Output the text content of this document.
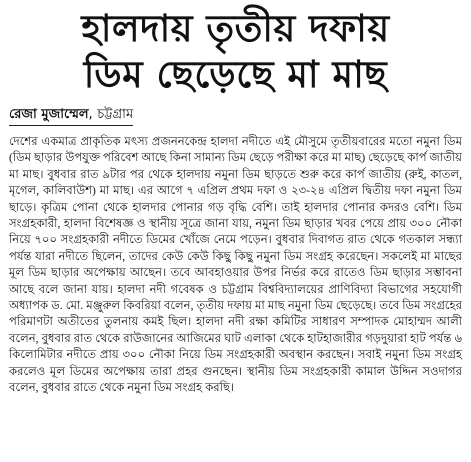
হালদায় তৃতীয় দফায়
ডিম ছেড়েছে মা মাছ
রেজা মুজাম্মেল, চট্টগ্রাম
দেশের একমাত্র প্রাকৃতিক মৎস্য প্রজননকেন্দ্র হালদা নদীতে এই মৌসুমে তৃতীয়বারের মতো নমুনা ডিম (ডিম ছাড়ার উপযুক্ত পরিবেশ আছে কিনা সামান্য ডিম ছেড়ে পরীক্ষা করে মা মাছ) ছেড়েছে কার্প জাতীয় মা মাছ। বুধবার রাত ৯টার পর থেকে হালদায় নমুনা ডিম ছাড়তে শুরু করে কার্প জাতীয় (রুই, কাতল, মৃগেল, কালিবাউশ) মা মাছ। এর আগে ৭ এপ্রিল প্রথম দফা ও ২৩-২৪ এপ্রিল দ্বিতীয় দফা নমুনা ডিম ছাড়ে। কৃত্রিম পোনা থেকে হালদার পোনার গড় বৃদ্ধি বেশি। তাই হালদার পোনার কদরও বেশি। ডিম সংগ্রহকারী, হালদা বিশেষজ্ঞ ও স্থানীয় সূত্রে জানা যায়, নমুনা ডিম ছাড়ার খবর পেয়ে প্রায় ৩০০ নৌকা নিয়ে ৭০০ সংগ্রহকারী নদীতে ডিমের খোঁজে নেমে পড়েন। বুধবার দিবাগত রাত থেকে গতকাল সন্ধ্যা পর্যন্ত যারা নদীতে ছিলেন, তাদের কেউ কেউ কিছু কিছু নমুনা ডিম সংগ্রহ করেছেন। সকলেই মা মাছের মূল ডিম ছাড়ার অপেক্ষায় আছেন। তবে আবহাওয়ার উপর নির্ভর করে রাতেও ডিম ছাড়ার সম্ভাবনা আছে বলে জানা যায়। হালদা নদী গবেষক ও চট্টগ্রাম বিশ্ববিদ্যালয়ের প্রাণিবিদ্যা বিভাগের সহযোগী অধ্যাপক ড. মো. মঞ্জুরুল কিবরিয়া বলেন, তৃতীয় দফায় মা মাছ নমুনা ডিম ছেড়েছে। তবে ডিম সংগ্রহের পরিমাণটা অতীতের তুলনায় কমই ছিল। হালদা নদী রক্ষা কমিটির সাধারণ সম্পাদক মোহাম্মদ আলী বলেন, বুধবার রাত থেকে রাউজানের আজিমের ঘাট এলাকা থেকে হাটহাজারীর গড়দুয়ারা হাট পর্যন্ত ৬ কিলোমিটার নদীতে প্রায় ৩০০ নৌকা নিয়ে ডিম সংগ্রহকারী অবস্থান করছেন। সবাই নমুনা ডিম সংগ্রহ করলেও মূল ডিমের অপেক্ষায় তারা প্রহর গুনছেন। স্থানীয় ডিম সংগ্রহকারী কামাল উদ্দিন সওদাগর বলেন, বুধবার রাতে থেকে নমুনা ডিম সংগ্রহ করছি।
